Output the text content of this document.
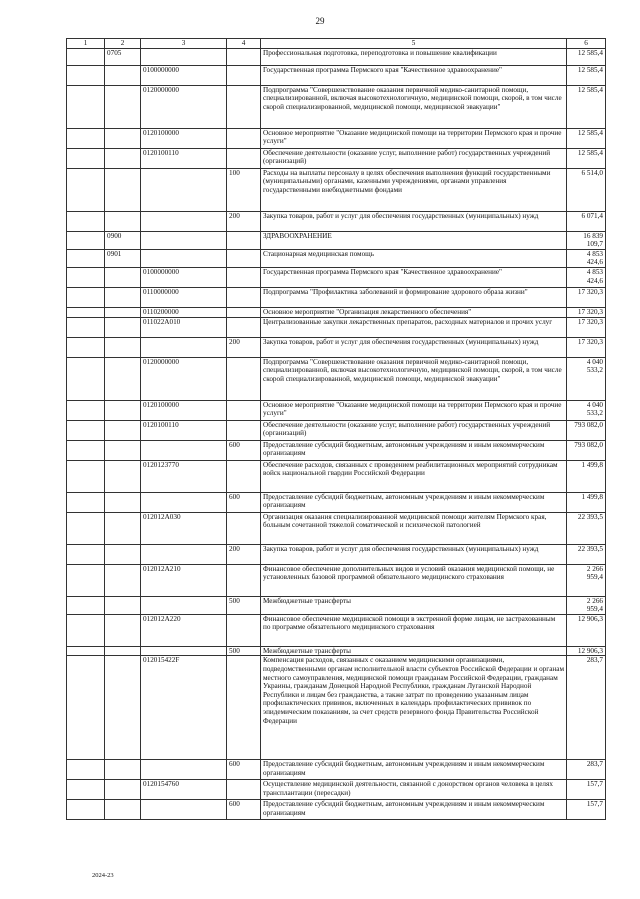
29
1	2	3	4	5	6
	0705			Профессиональная подготовка, переподготовка и повышение квалификации	12 585,4
		0100000000		Государственная программа Пермского края "Качественное здравоохранение"	12 585,4
		0120000000		Подпрограмма "Совершенствование оказания первичной медико-санитарной помощи, специализированной, включая высокотехнологичную, медицинской помощи, скорой, в том числе скорой специализированной, медицинской помощи, медицинской эвакуации"	12 585,4
		0120100000		Основное мероприятие "Оказание медицинской помощи на территории Пермского края и прочие услуги"	12 585,4
		0120100110		Обеспечение деятельности (оказание услуг, выполнение работ) государственных учреждений (организаций)	12 585,4
			100	Расходы на выплаты персоналу в целях обеспечения выполнения функций государственными (муниципальными) органами, казенными учреждениями, органами управления государственными внебюджетными фондами	6 514,0
			200	Закупка товаров, работ и услуг для обеспечения государственных (муниципальных) нужд	6 071,4
	0900			ЗДРАВООХРАНЕНИЕ	16 839 109,7
	0901			Стационарная медицинская помощь	4 853 424,6
		0100000000		Государственная программа Пермского края "Качественное здравоохранение"	4 853 424,6
		0110000000		Подпрограмма "Профилактика заболеваний и формирование здорового образа жизни"	17 320,3
		0110200000		Основное мероприятие "Организация лекарственного обеспечения"	17 320,3
		011022A010		Централизованные закупки лекарственных препаратов, расходных материалов и прочих услуг	17 320,3
			200	Закупка товаров, работ и услуг для обеспечения государственных (муниципальных) нужд	17 320,3
		0120000000		Подпрограмма "Совершенствование оказания первичной медико-санитарной помощи, специализированной, включая высокотехнологичную, медицинской помощи, скорой, в том числе скорой специализированной, медицинской помощи, медицинской эвакуации"	4 040 533,2
		0120100000		Основное мероприятие "Оказание медицинской помощи на территории Пермского края и прочие услуги"	4 040 533,2
		0120100110		Обеспечение деятельности (оказание услуг, выполнение работ) государственных учреждений (организаций)	793 082,0
			600	Предоставление субсидий бюджетным, автономным учреждениям и иным некоммерческим организациям	793 082,0
		0120123770		Обеспечение расходов, связанных с проведением реабилитационных мероприятий сотрудникам войск национальной гвардии Российской Федерации	1 499,8
			600	Предоставление субсидий бюджетным, автономным учреждениям и иным некоммерческим организациям	1 499,8
		012012A030		Организация оказания специализированной медицинской помощи жителям Пермского края, больным сочетанной тяжелой соматической и психической патологией	22 393,5
			200	Закупка товаров, работ и услуг для обеспечения государственных (муниципальных) нужд	22 393,5
		012012A210		Финансовое обеспечение дополнительных видов и условий оказания медицинской помощи, не установленных базовой программой обязательного медицинского страхования	2 266 959,4
			500	Межбюджетные трансферты	2 266 959,4
		012012A220		Финансовое обеспечение медицинской помощи в экстренной форме лицам, не застрахованным по программе обязательного медицинского страхования	12 906,3
			500	Межбюджетные трансферты	12 906,3
		012015422F		Компенсация расходов, связанных с оказанием медицинскими организациями, подведомственными органам исполнительной власти субъектов Российской Федерации и органам местного самоуправления, медицинской помощи гражданам Российской Федерации, гражданам Украины, гражданам Донецкой Народной Республики, гражданам Луганской Народной Республики и лицам без гражданства, а также затрат по проведению указанным лицам профилактических прививок, включенных в календарь профилактических прививок по эпидемическим показаниям, за счет средств резервного фонда Правительства Российской Федерации	283,7
			600	Предоставление субсидий бюджетным, автономным учреждениям и иным некоммерческим организациям	283,7
		0120154760		Осуществление медицинской деятельности, связанной с донорством органов человека в целях трансплантации (пересадки)	157,7
			600	Предоставление субсидий бюджетным, автономным учреждениям и иным некоммерческим организациям	157,7
2024-23
